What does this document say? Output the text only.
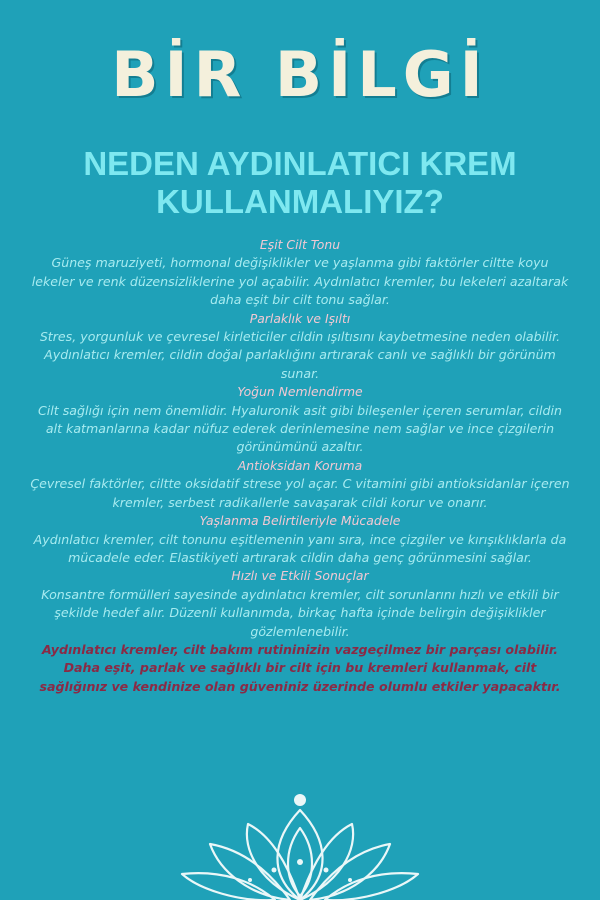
BİR BİLGİ
NEDEN AYDINLATICI KREM KULLANMALIYIZ?
Eşit Cilt Tonu
Güneş maruziyeti, hormonal değişiklikler ve yaşlanma gibi faktörler ciltte koyu lekeler ve renk düzensizliklerine yol açabilir. Aydınlatıcı kremler, bu lekeleri azaltarak daha eşit bir cilt tonu sağlar.
Parlaklık ve Işıltı
Stres, yorgunluk ve çevresel kirleticiler cildin ışıltısını kaybetmesine neden olabilir. Aydınlatıcı kremler, cildin doğal parlaklığını artırarak canlı ve sağlıklı bir görünüm sunar.
Yoğun Nemlendirme
Cilt sağlığı için nem önemlidir. Hyaluronik asit gibi bileşenler içeren serumlar, cildin alt katmanlarına kadar nüfuz ederek derinlemesine nem sağlar ve ince çizgilerin görünümünü azaltır.
Antioksidan Koruma
Çevresel faktörler, ciltte oksidatif strese yol açar. C vitamini gibi antioksidanlar içeren kremler, serbest radikallerle savaşarak cildi korur ve onarır.
Yaşlanma Belirtileriyle Mücadele
Aydınlatıcı kremler, cilt tonunu eşitlemenin yanı sıra, ince çizgiler ve kırışıklıklarla da mücadele eder. Elastikiyeti artırarak cildin daha genç görünmesini sağlar.
Hızlı ve Etkili Sonuçlar
Konsantre formülleri sayesinde aydınlatıcı kremler, cilt sorunlarını hızlı ve etkili bir şekilde hedef alır. Düzenli kullanımda, birkaç hafta içinde belirgin değişiklikler gözlemlenebilir.
Aydınlatıcı kremler, cilt bakım rutininizin vazgeçilmez bir parçası olabilir. Daha eşit, parlak ve sağlıklı bir cilt için bu kremleri kullanmak, cilt sağlığınız ve kendinize olan güveniniz üzerinde olumlu etkiler yapacaktır.
